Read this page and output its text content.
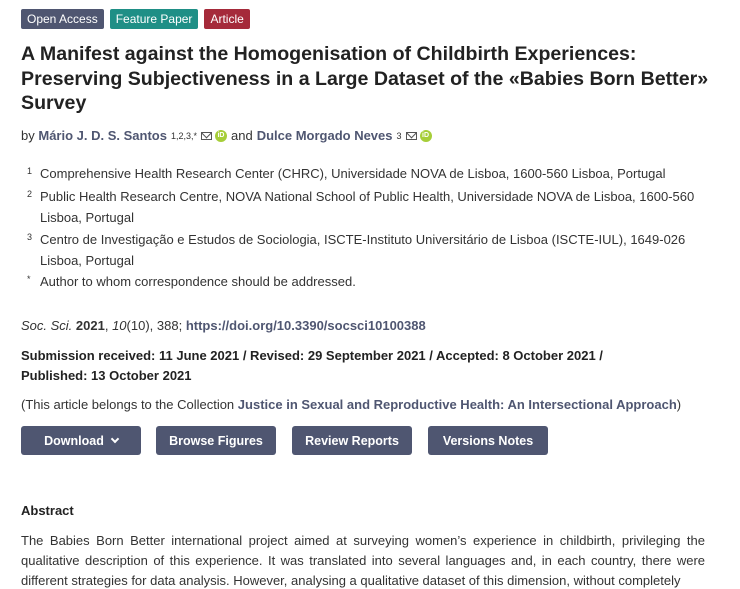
Open Access	Feature Paper	Article
A Manifest against the Homogenisation of Childbirth Experiences: Preserving Subjectiveness in a Large Dataset of the «Babies Born Better» Survey
by
Mário J. D. S. Santos 1,2,3,*	iD and Dulce Morgado Neves 3	iD
1 Comprehensive Health Research Center (CHRC), Universidade NOVA de Lisboa, 1600-560 Lisboa, Portugal
2 Public Health Research Centre, NOVA National School of Public Health, Universidade NOVA de Lisboa, 1600-560 Lisboa, Portugal
3 Centro de Investigação e Estudos de Sociologia, ISCTE-Instituto Universitário de Lisboa (ISCTE-IUL), 1649-026 Lisboa, Portugal
* Author to whom correspondence should be addressed.
Soc. Sci. 2021, 10(10), 388; https://doi.org/10.3390/socsci10100388
Submission received: 11 June 2021 / Revised: 29 September 2021 / Accepted: 8 October 2021 / Published: 13 October 2021
(This article belongs to the Collection Justice in Sexual and Reproductive Health: An Intersectional Approach)
Download	Browse Figures	Review Reports	Versions Notes
Abstract

The Babies Born Better international project aimed at surveying women’s experience in childbirth, privileging the qualitative description of this experience. It was translated into several languages and, in each country, there were different strategies for data analysis. However, analysing a qualitative dataset of this dimension, without completely
